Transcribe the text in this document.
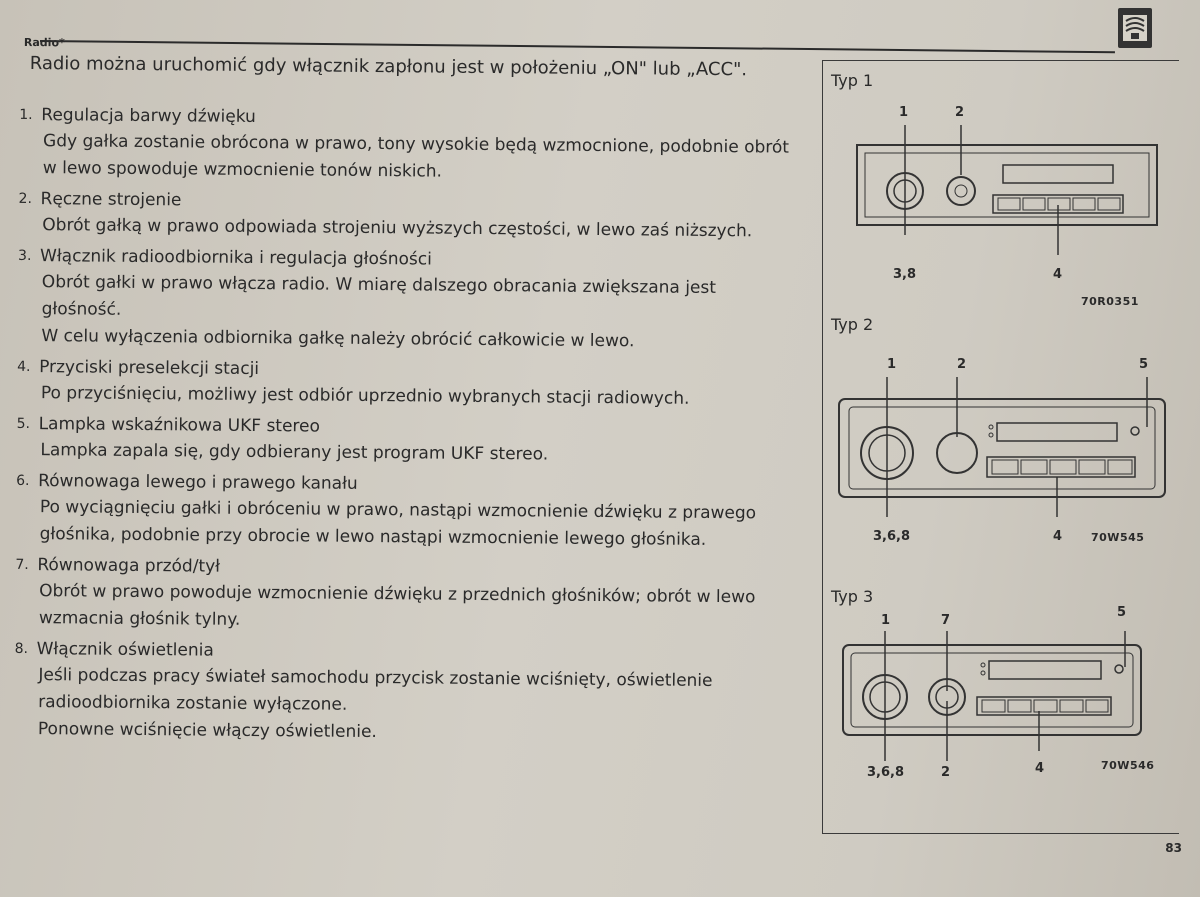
Radio*
Radio można uruchomić gdy włącznik zapłonu jest w położeniu „ON" lub „ACC".
1. Regulacja barwy dźwięku
Gdy gałka zostanie obrócona w prawo, tony wysokie będą wzmocnione, podobnie obrót w lewo spowoduje wzmocnienie tonów niskich.
2. Ręczne strojenie
Obrót gałką w prawo odpowiada strojeniu wyższych częstości, w lewo zaś niższych.
3. Włącznik radioodbiornika i regulacja głośności
Obrót gałki w prawo włącza radio. W miarę dalszego obracania zwiększana jest głośność.
W celu wyłączenia odbiornika gałkę należy obrócić całkowicie w lewo.
4. Przyciski preselekcji stacji
Po przyciśnięciu, możliwy jest odbiór uprzednio wybranych stacji radiowych.
5. Lampka wskaźnikowa UKF stereo
Lampka zapala się, gdy odbierany jest program UKF stereo.
6. Równowaga lewego i prawego kanału
Po wyciągnięciu gałki i obróceniu w prawo, nastąpi wzmocnienie dźwięku z prawego głośnika, podobnie przy obrocie w lewo nastąpi wzmocnienie lewego głośnika.
7. Równowaga przód/tył
Obrót w prawo powoduje wzmocnienie dźwięku z przednich głośników; obrót w lewo wzmacnia głośnik tylny.
8. Włącznik oświetlenia
Jeśli podczas pracy świateł samochodu przycisk zostanie wciśnięty, oświetlenie radioodbiornika zostanie wyłączone.
Ponowne wciśnięcie włączy oświetlenie.
Typ 1
1	2
3,8	4
70R0351
Typ 2
1	2	5
3,6,8	4	70W545
Typ 3
1	7
5
3,6,8	2	4	70W546
83
